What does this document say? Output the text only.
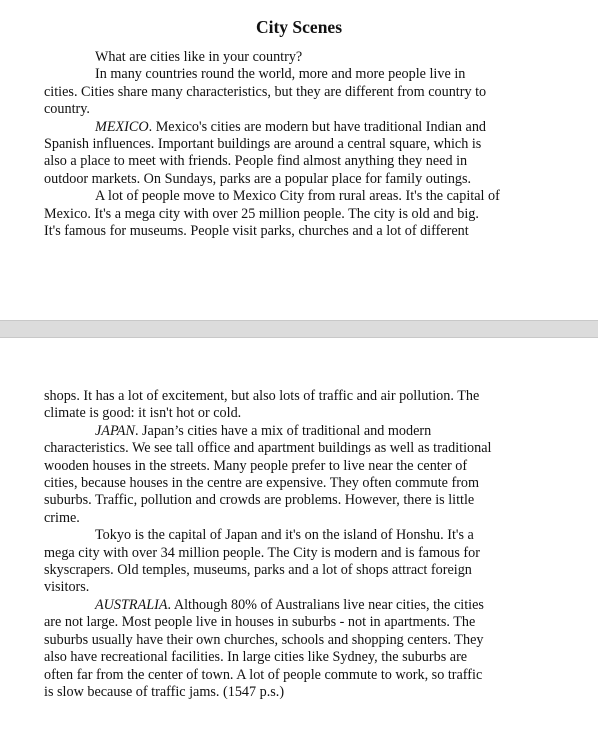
City Scenes

What are cities like in your country?

In many countries round the world, more and more people live in
cities. Cities share many characteristics, but they are different from country to
country.

MEXICO. Mexico's cities are modern but have traditional Indian and
Spanish influences. Important buildings are around a central square, which is
also a place to meet with friends. People find almost anything they need in
outdoor markets. On Sundays, parks are a popular place for family outings.

A lot of people move to Mexico City from rural areas. It's the capital of
Mexico. It's a mega city with over 25 million people. The city is old and big.
It's famous for museums. People visit parks, churches and a lot of different

shops. It has a lot of excitement, but also lots of traffic and air pollution. The
climate is good: it isn't hot or cold.

JAPAN. Japan’s cities have a mix of traditional and modern
characteristics. We see tall office and apartment buildings as well as traditional
wooden houses in the streets. Many people prefer to live near the center of
cities, because houses in the centre are expensive. They often commute from
suburbs. Traffic, pollution and crowds are problems. However, there is little
crime.

Tokyo is the capital of Japan and it's on the island of Honshu. It's a
mega city with over 34 million people. The City is modern and is famous for
skyscrapers. Old temples, museums, parks and a lot of shops attract foreign
visitors.

AUSTRALIA. Although 80% of Australians live near cities, the cities
are not large. Most people live in houses in suburbs - not in apartments. The
suburbs usually have their own churches, schools and shopping centers. They
also have recreational facilities. In large cities like Sydney, the suburbs are
often far from the center of town. A lot of people commute to work, so traffic
is slow because of traffic jams. (1547 p.s.)
